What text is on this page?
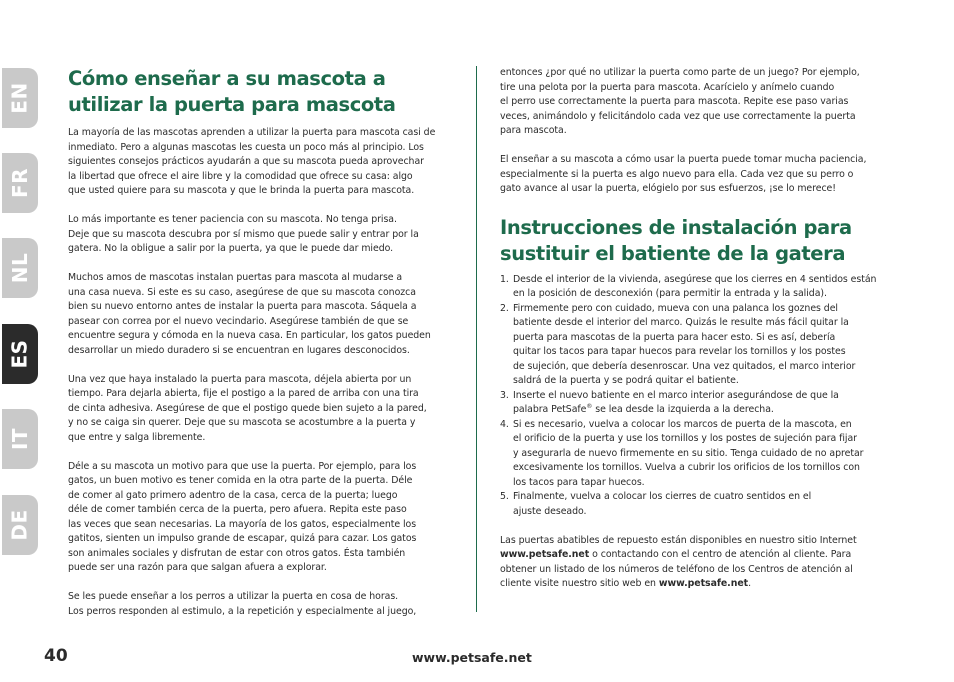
EN
FR
NL
ES
IT
DE
Cómo enseñar a su mascota a
utilizar la puerta para mascota

La mayoría de las mascotas aprenden a utilizar la puerta para mascota casi de
inmediato. Pero a algunas mascotas les cuesta un poco más al principio. Los
siguientes consejos prácticos ayudarán a que su mascota pueda aprovechar
la libertad que ofrece el aire libre y la comodidad que ofrece su casa: algo
que usted quiere para su mascota y que le brinda la puerta para mascota.

Lo más importante es tener paciencia con su mascota. No tenga prisa.
Deje que su mascota descubra por sí mismo que puede salir y entrar por la
gatera. No la obligue a salir por la puerta, ya que le puede dar miedo.

Muchos amos de mascotas instalan puertas para mascota al mudarse a
una casa nueva. Si este es su caso, asegúrese de que su mascota conozca
bien su nuevo entorno antes de instalar la puerta para mascota. Sáquela a
pasear con correa por el nuevo vecindario. Asegúrese también de que se
encuentre segura y cómoda en la nueva casa. En particular, los gatos pueden
desarrollar un miedo duradero si se encuentran en lugares desconocidos.

Una vez que haya instalado la puerta para mascota, déjela abierta por un
tiempo. Para dejarla abierta, fije el postigo a la pared de arriba con una tira
de cinta adhesiva. Asegúrese de que el postigo quede bien sujeto a la pared,
y no se caiga sin querer. Deje que su mascota se acostumbre a la puerta y
que entre y salga libremente.

Déle a su mascota un motivo para que use la puerta. Por ejemplo, para los
gatos, un buen motivo es tener comida en la otra parte de la puerta. Déle
de comer al gato primero adentro de la casa, cerca de la puerta; luego
déle de comer también cerca de la puerta, pero afuera. Repita este paso
las veces que sean necesarias. La mayoría de los gatos, especialmente los
gatitos, sienten un impulso grande de escapar, quizá para cazar. Los gatos
son animales sociales y disfrutan de estar con otros gatos. Ésta también
puede ser una razón para que salgan afuera a explorar.

Se les puede enseñar a los perros a utilizar la puerta en cosa de horas.
Los perros responden al estimulo, a la repetición y especialmente al juego,

entonces ¿por qué no utilizar la puerta como parte de un juego? Por ejemplo,
tire una pelota por la puerta para mascota. Acarícielo y anímelo cuando
el perro use correctamente la puerta para mascota. Repite ese paso varias
veces, animándolo y felicitándolo cada vez que use correctamente la puerta
para mascota.

El enseñar a su mascota a cómo usar la puerta puede tomar mucha paciencia,
especialmente si la puerta es algo nuevo para ella. Cada vez que su perro o
gato avance al usar la puerta, elógielo por sus esfuerzos, ¡se lo merece!

Instrucciones de instalación para
sustituir el batiente de la gatera
1. Desde el interior de la vivienda, asegúrese que los cierres en 4 sentidos están
en la posición de desconexión (para permitir la entrada y la salida).
2. Firmemente pero con cuidado, mueva con una palanca los goznes del
batiente desde el interior del marco. Quizás le resulte más fácil quitar la
puerta para mascotas de la puerta para hacer esto. Si es así, debería
quitar los tacos para tapar huecos para revelar los tornillos y los postes
de sujeción, que debería desenroscar. Una vez quitados, el marco interior
saldrá de la puerta y se podrá quitar el batiente.
3. Inserte el nuevo batiente en el marco interior asegurándose de que la
palabra PetSafe® se lea desde la izquierda a la derecha.
4. Si es necesario, vuelva a colocar los marcos de puerta de la mascota, en
el orificio de la puerta y use los tornillos y los postes de sujeción para fijar
y asegurarla de nuevo firmemente en su sitio. Tenga cuidado de no apretar
excesivamente los tornillos. Vuelva a cubrir los orificios de los tornillos con
los tacos para tapar huecos.
5. Finalmente, vuelva a colocar los cierres de cuatro sentidos en el
ajuste deseado.

Las puertas abatibles de repuesto están disponibles en nuestro sitio Internet
www.petsafe.net o contactando con el centro de atención al cliente. Para
obtener un listado de los números de teléfono de los Centros de atención al
cliente visite nuestro sitio web en www.petsafe.net.

40	www.petsafe.net
